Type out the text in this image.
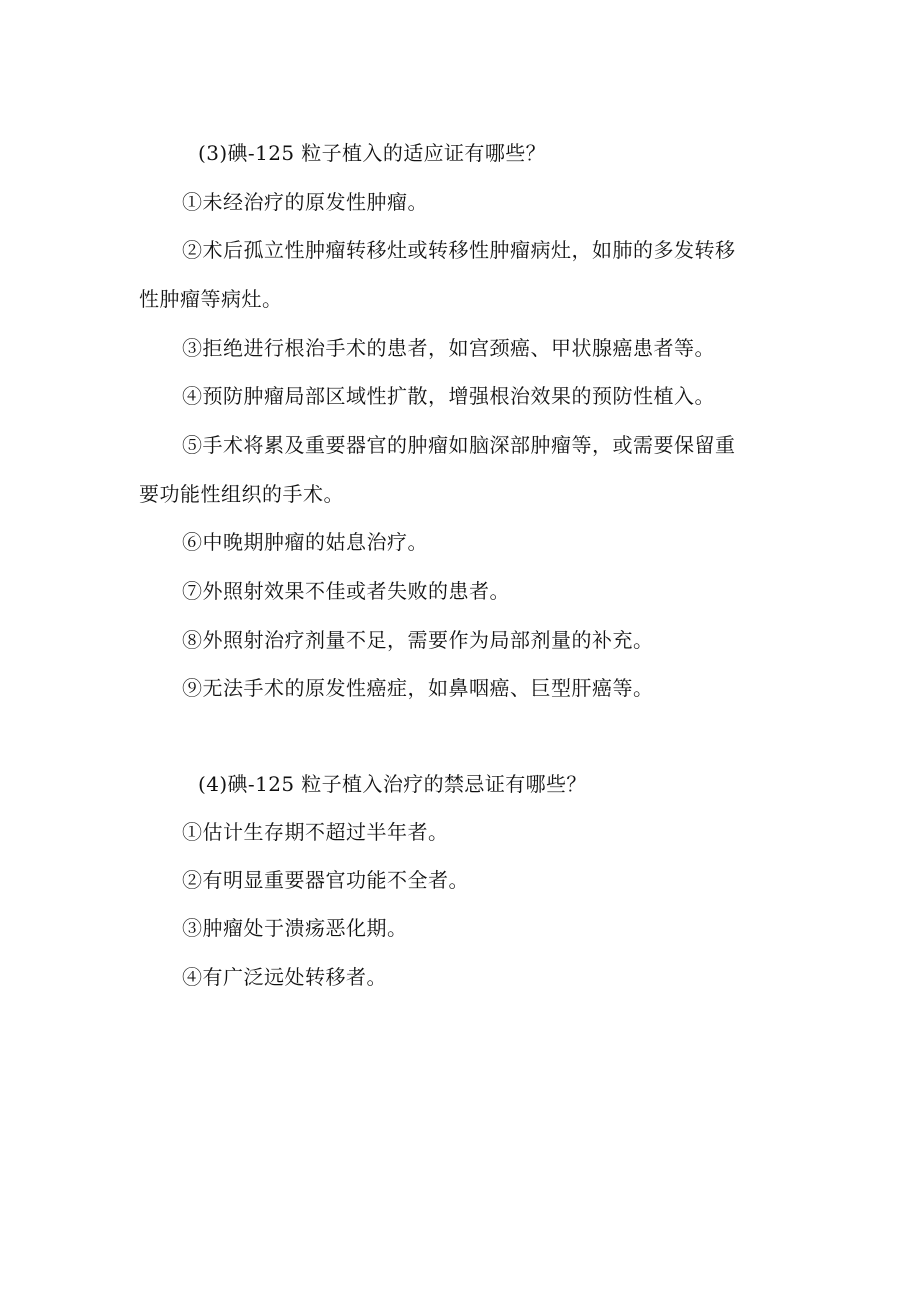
(3)碘-125 粒子植入的适应证有哪些？
①未经治疗的原发性肿瘤。
②术后孤立性肿瘤转移灶或转移性肿瘤病灶，如肺的多发转移
性肿瘤等病灶。
③拒绝进行根治手术的患者，如宫颈癌、甲状腺癌患者等。
④预防肿瘤局部区域性扩散，增强根治效果的预防性植入。
⑤手术将累及重要器官的肿瘤如脑深部肿瘤等，或需要保留重
要功能性组织的手术。
⑥中晚期肿瘤的姑息治疗。
⑦外照射效果不佳或者失败的患者。
⑧外照射治疗剂量不足，需要作为局部剂量的补充。
⑨无法手术的原发性癌症，如鼻咽癌、巨型肝癌等。
(4)碘-125 粒子植入治疗的禁忌证有哪些？
①估计生存期不超过半年者。
②有明显重要器官功能不全者。
③肿瘤处于溃疡恶化期。
④有广泛远处转移者。
